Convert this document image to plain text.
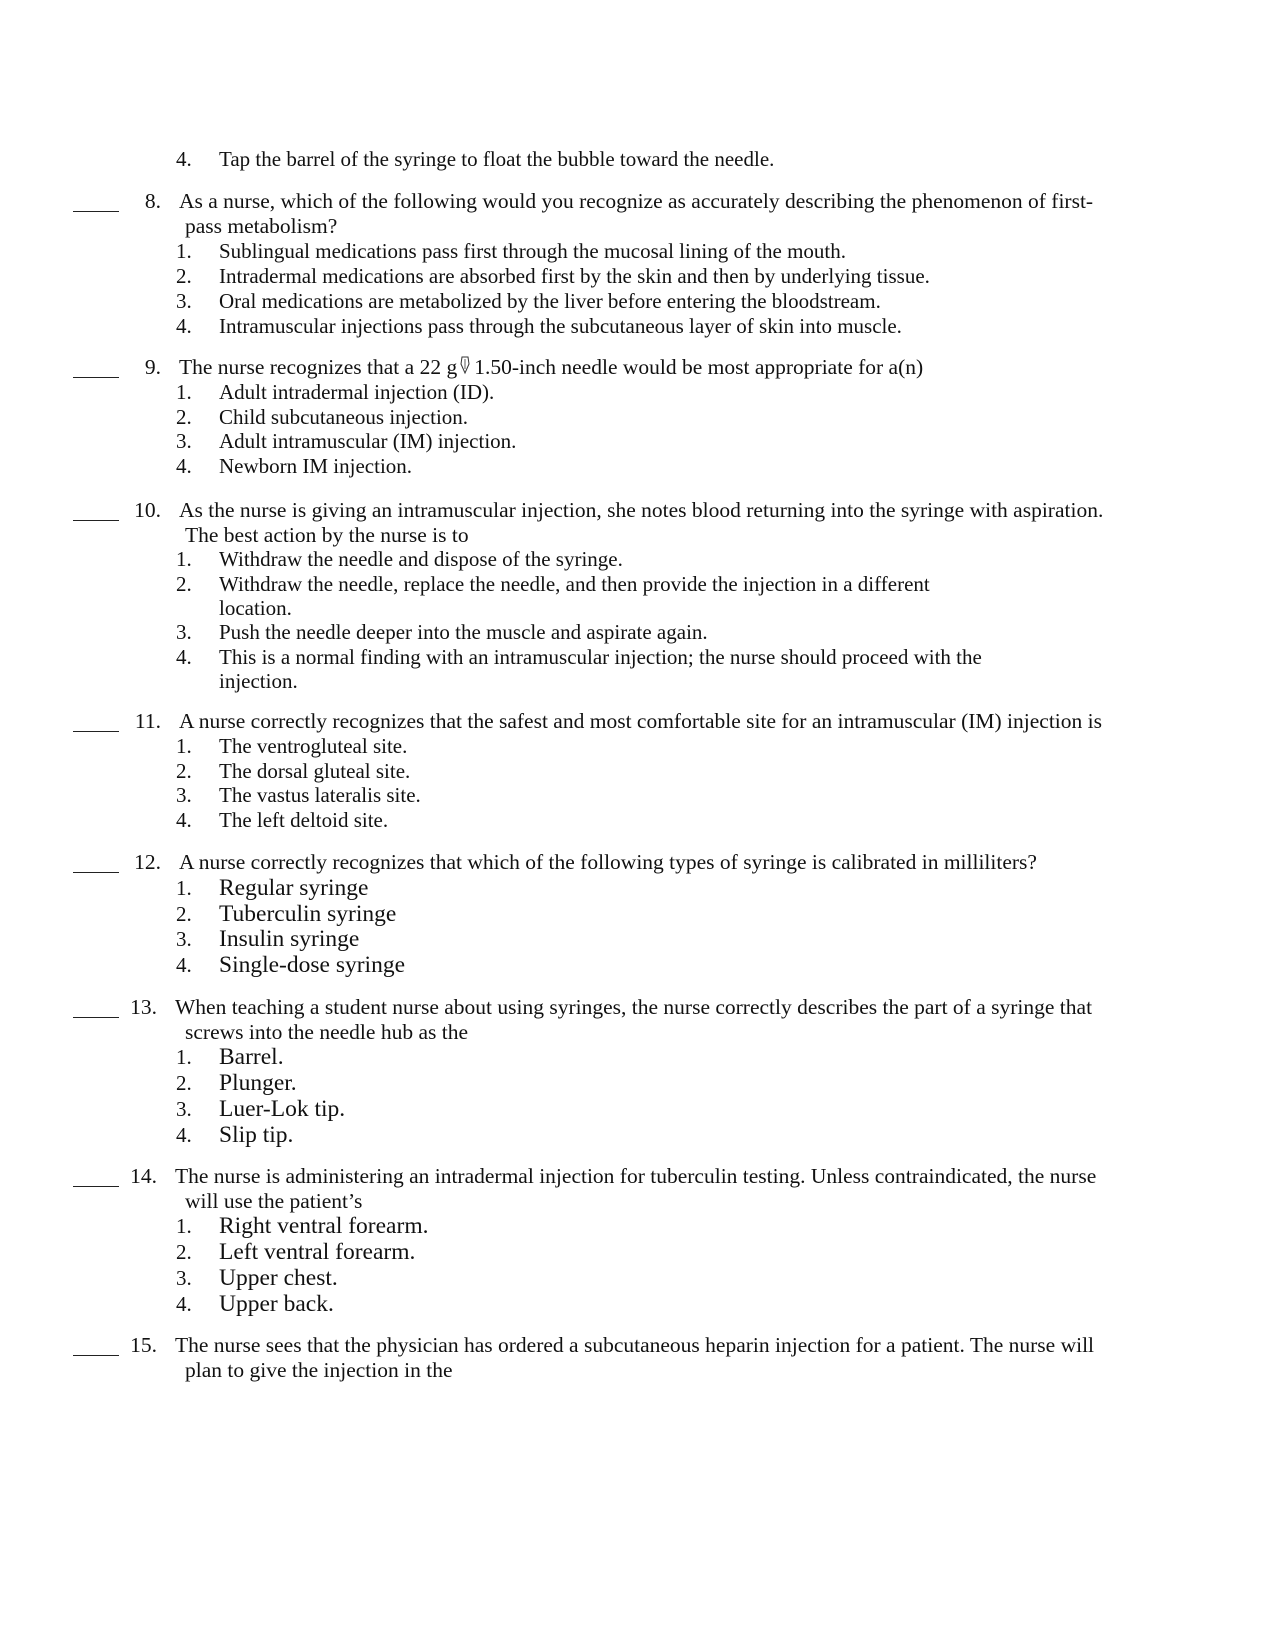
4.	Tap the barrel of the syringe to float the bubble toward the needle.
8. As a nurse, which of the following would you recognize as accurately describing the phenomenon of first-
pass metabolism?
1.	Sublingual medications pass first through the mucosal lining of the mouth.
2.	Intradermal medications are absorbed first by the skin and then by underlying tissue.
3.	Oral medications are metabolized by the liver before entering the bloodstream.
4.	Intramuscular injections pass through the subcutaneous layer of skin into muscle.
9. The nurse recognizes that a 22 g 1.50-inch needle would be most appropriate for a(n)
1.	Adult intradermal injection (ID).
2.	Child subcutaneous injection.
3.	Adult intramuscular (IM) injection.
4.	Newborn IM injection.
10. As the nurse is giving an intramuscular injection, she notes blood returning into the syringe with aspiration.
The best action by the nurse is to
1.	Withdraw the needle and dispose of the syringe.
2.	Withdraw the needle, replace the needle, and then provide the injection in a different
location.
3.	Push the needle deeper into the muscle and aspirate again.
4.	This is a normal finding with an intramuscular injection; the nurse should proceed with the
injection.
11. A nurse correctly recognizes that the safest and most comfortable site for an intramuscular (IM) injection is
1.	The ventrogluteal site.
2.	The dorsal gluteal site.
3.	The vastus lateralis site.
4.	The left deltoid site.
12. A nurse correctly recognizes that which of the following types of syringe is calibrated in milliliters?
1.	Regular syringe
2.	Tuberculin syringe
3.	Insulin syringe
4.	Single-dose syringe
13. When teaching a student nurse about using syringes, the nurse correctly describes the part of a syringe that
screws into the needle hub as the
1.	Barrel.
2.	Plunger.
3.	Luer-Lok tip.
4.	Slip tip.
14. The nurse is administering an intradermal injection for tuberculin testing. Unless contraindicated, the nurse
will use the patient’s
1.	Right ventral forearm.
2.	Left ventral forearm.
3.	Upper chest.
4.	Upper back.
15. The nurse sees that the physician has ordered a subcutaneous heparin injection for a patient. The nurse will
plan to give the injection in the
